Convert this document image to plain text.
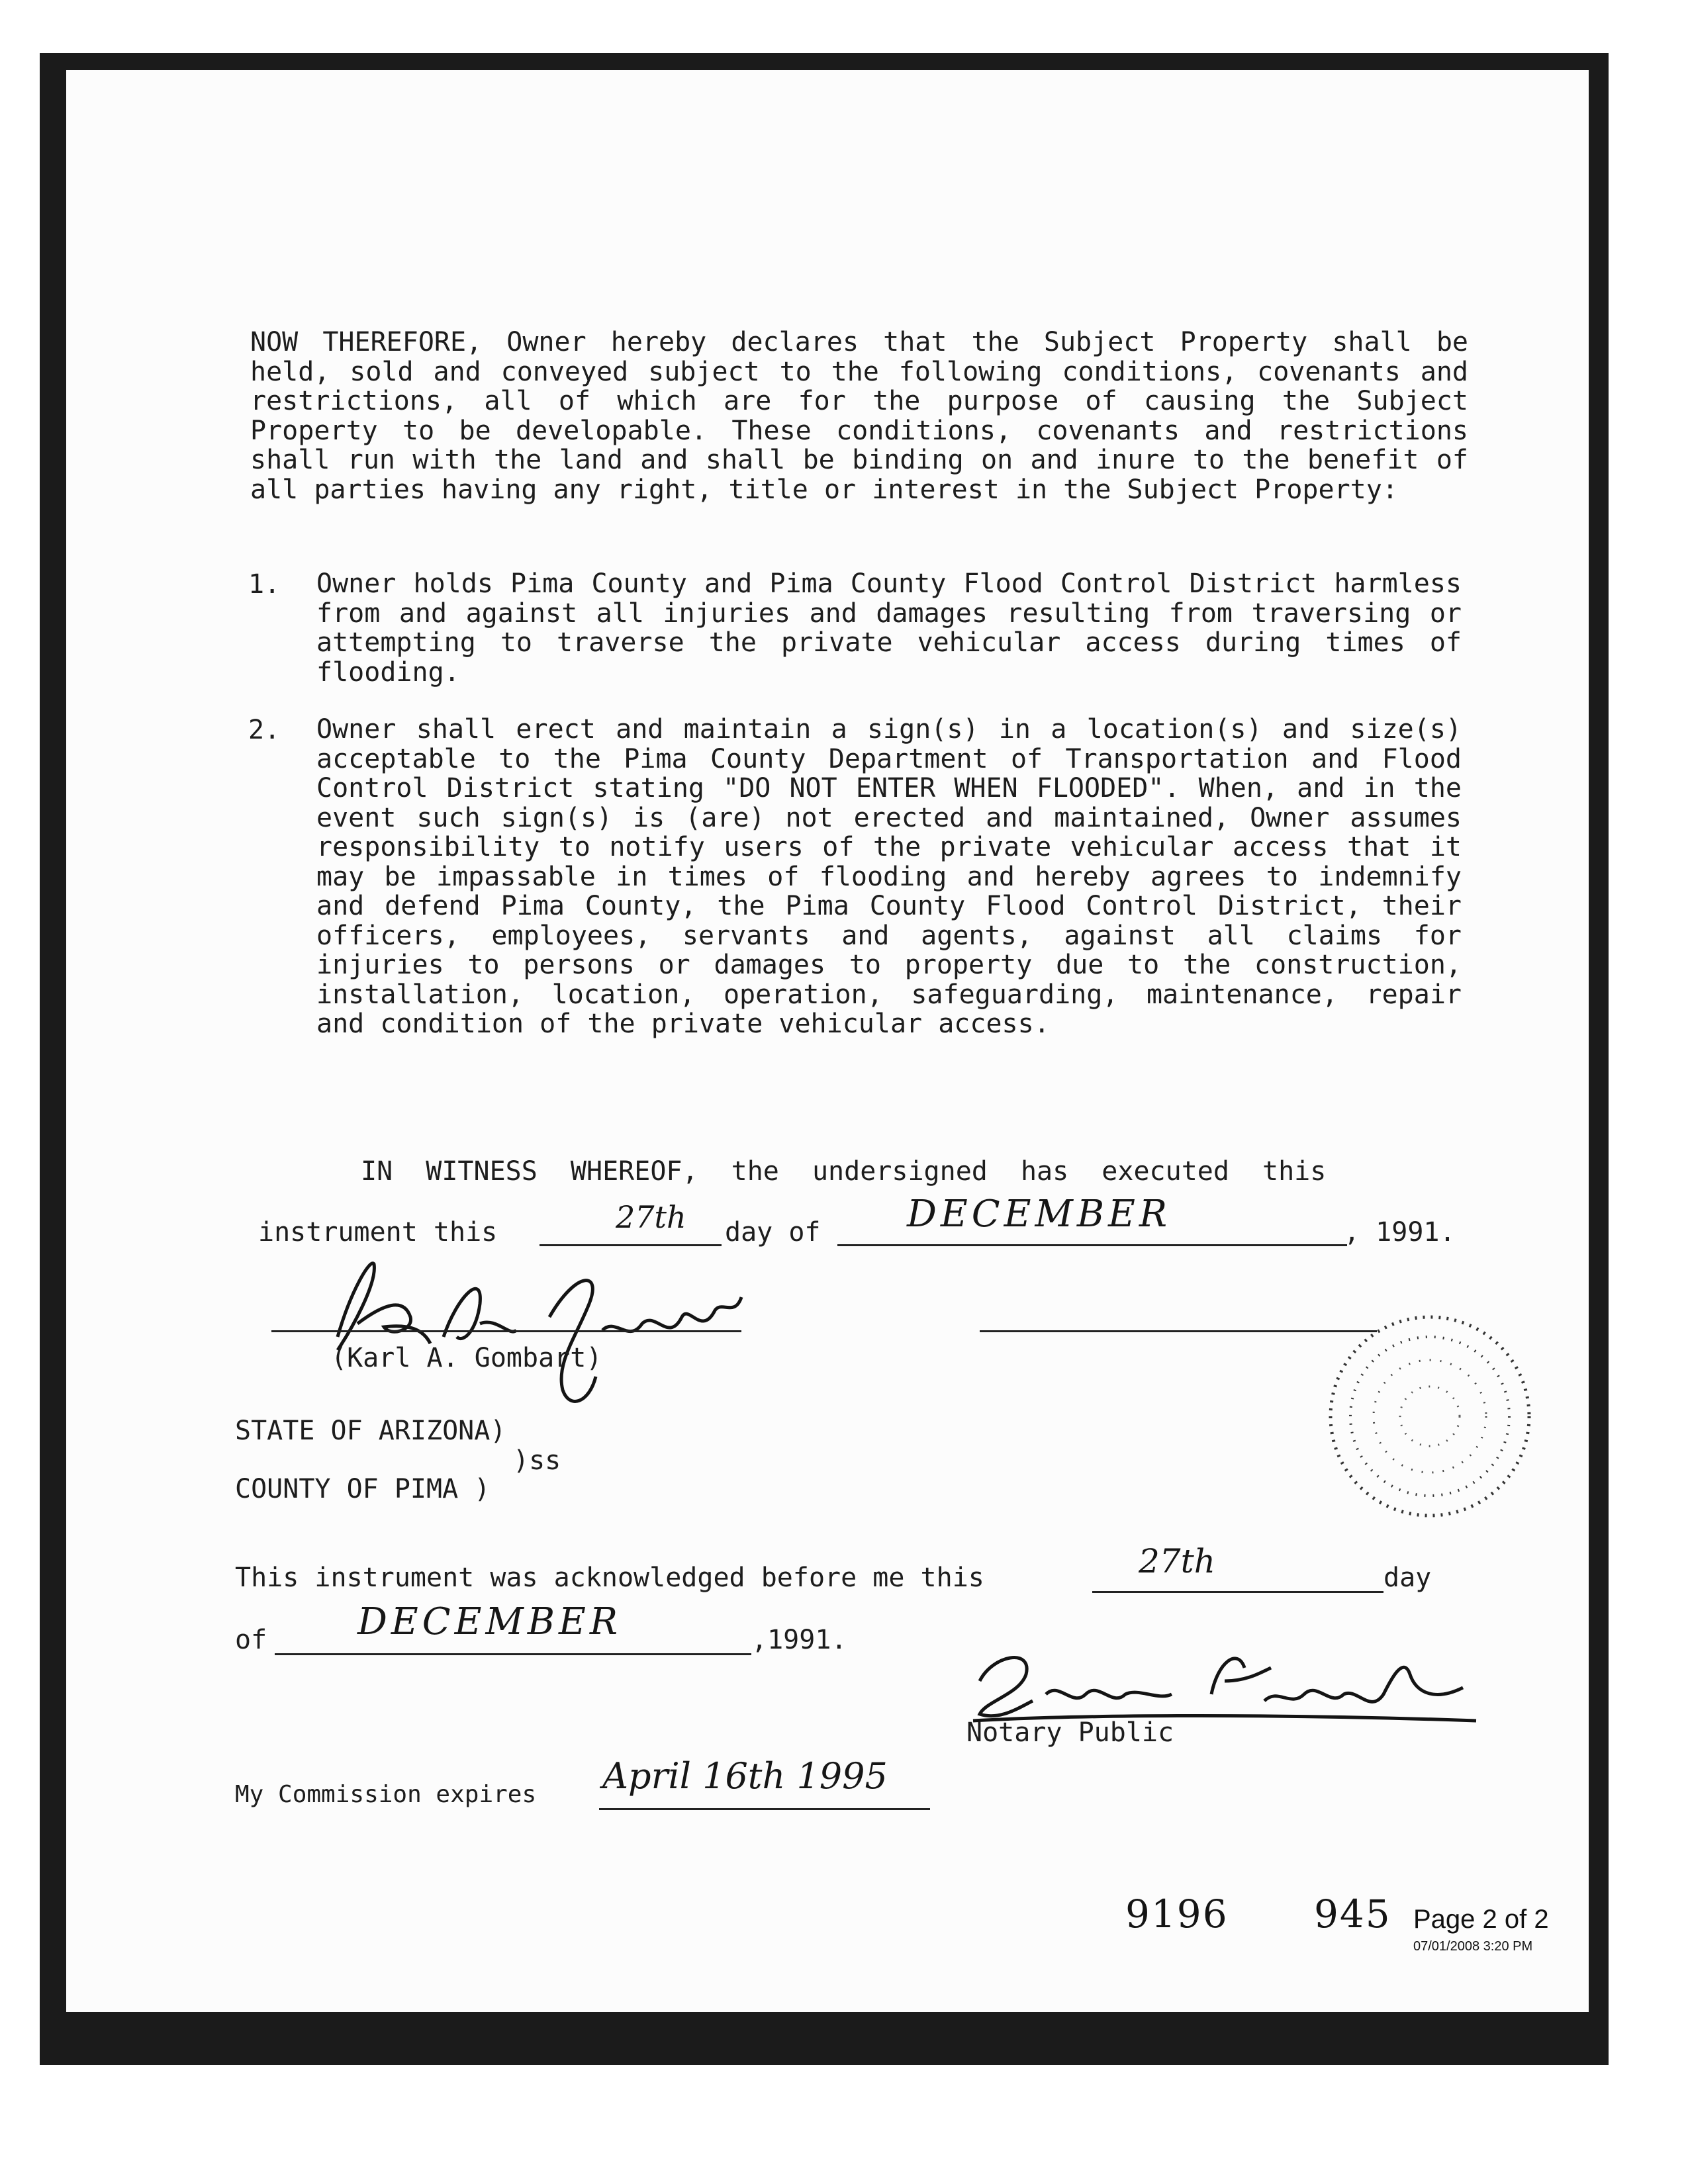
NOW THEREFORE, Owner hereby declares that the Subject Property shall be held, sold and conveyed subject to the following conditions, covenants and restrictions, all of which are for the purpose of causing the Subject Property to be developable. These conditions, covenants and restrictions shall run with the land and shall be binding on and inure to the benefit of all parties having any right, title or interest in the Subject Property:
1. Owner holds Pima County and Pima County Flood Control District harmless from and against all injuries and damages resulting from traversing or attempting to traverse the private vehicular access during times of flooding.
2. Owner shall erect and maintain a sign(s) in a location(s) and size(s) acceptable to the Pima County Department of Transportation and Flood Control District stating "DO NOT ENTER WHEN FLOODED". When, and in the event such sign(s) is (are) not erected and maintained, Owner assumes responsibility to notify users of the private vehicular access that it may be impassable in times of flooding and hereby agrees to indemnify and defend Pima County, the Pima County Flood Control District, their officers, employees, servants and agents, against all claims for injuries to persons or damages to property due to the construction, installation, location, operation, safeguarding, maintenance, repair and condition of the private vehicular access.
IN WITNESS WHEREOF, the undersigned has executed this
instrument this	27th day of DECEMBER	, 1991.
(Karl A. Gombart)
STATE OF ARIZONA)
)ss
COUNTY OF PIMA )
This instrument was acknowledged before me this	27th	day
of DECEMBER	,1991.
Notary Public
My Commission expires April 16th 1995
9196 945 Page 2 of 2
07/01/2008 3:20 PM
